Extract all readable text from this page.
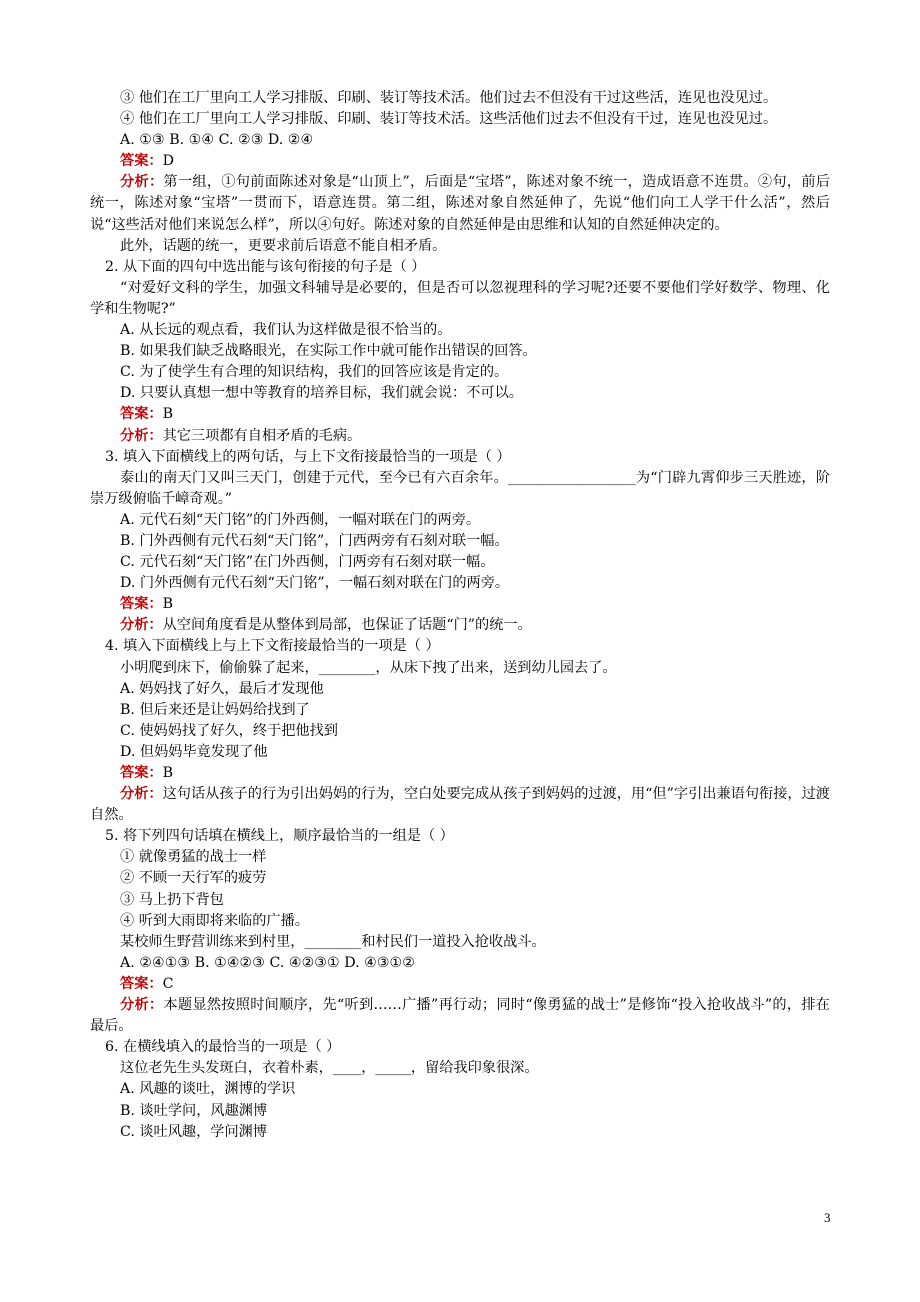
③ 他们在工厂里向工人学习排版、印刷、装订等技术活。他们过去不但没有干过这些活，连见也没见过。

④ 他们在工厂里向工人学习排版、印刷、装订等技术活。这些活他们过去不但没有干过，连见也没见过。

A. ①③ B. ①④ C. ②③ D. ②④

答案：D

分析：第一组，①句前面陈述对象是“山顶上”，后面是“宝塔”，陈述对象不统一，造成语意不连贯。②句，前后统一，陈述对象“宝塔”一贯而下，语意连贯。第二组，陈述对象自然延伸了，先说“他们向工人学干什么活”，然后说“这些活对他们来说怎么样”，所以④句好。陈述对象的自然延伸是由思维和认知的自然延伸决定的。

此外，话题的统一，更要求前后语意不能自相矛盾。

2. 从下面的四句中选出能与该句衔接的句子是（ ）

“对爱好文科的学生，加强文科辅导是必要的，但是否可以忽视理科的学习呢?还要不要他们学好数学、物理、化学和生物呢?”

A. 从长远的观点看，我们认为这样做是很不恰当的。

B. 如果我们缺乏战略眼光，在实际工作中就可能作出错误的回答。

C. 为了使学生有合理的知识结构，我们的回答应该是肯定的。

D. 只要认真想一想中等教育的培养目标，我们就会说：不可以。

答案：B

分析：其它三项都有自相矛盾的毛病。

3. 填入下面横线上的两句话，与上下文衔接最恰当的一项是（ ）

泰山的南天门又叫三天门，创建于元代，至今已有六百余年。__________________为“门辟九霄仰步三天胜迹，阶崇万级俯临千嶂奇观。”

A. 元代石刻“天门铭”的门外西侧，一幅对联在门的两旁。

B. 门外西侧有元代石刻“天门铭”，门西两旁有石刻对联一幅。

C. 元代石刻“天门铭”在门外西侧，门两旁有石刻对联一幅。

D. 门外西侧有元代石刻“天门铭”，一幅石刻对联在门的两旁。

答案：B

分析：从空间角度看是从整体到局部，也保证了话题“门”的统一。

4. 填入下面横线上与上下文衔接最恰当的一项是（ ）

小明爬到床下，偷偷躲了起来，________，从床下拽了出来，送到幼儿园去了。

A. 妈妈找了好久，最后才发现他

B. 但后来还是让妈妈给找到了

C. 使妈妈找了好久，终于把他找到

D. 但妈妈毕竟发现了他

答案：B

分析：这句话从孩子的行为引出妈妈的行为，空白处要完成从孩子到妈妈的过渡，用“但”字引出兼语句衔接，过渡自然。

5. 将下列四句话填在横线上，顺序最恰当的一组是（ ）

① 就像勇猛的战士一样

② 不顾一天行军的疲劳

③ 马上扔下背包

④ 听到大雨即将来临的广播。

某校师生野营训练来到村里，________和村民们一道投入抢收战斗。

A. ②④①③ B. ①④②③ C. ④②③① D. ④③①②

答案：C

分析：本题显然按照时间顺序，先“听到……广播”再行动；同时“像勇猛的战士”是修饰“投入抢收战斗”的，排在最后。

6. 在横线填入的最恰当的一项是（ ）

这位老先生头发斑白，衣着朴素，____，_____，留给我印象很深。

A. 风趣的谈吐，渊博的学识

B. 谈吐学问，风趣渊博

C. 谈吐风趣，学问渊博

3
